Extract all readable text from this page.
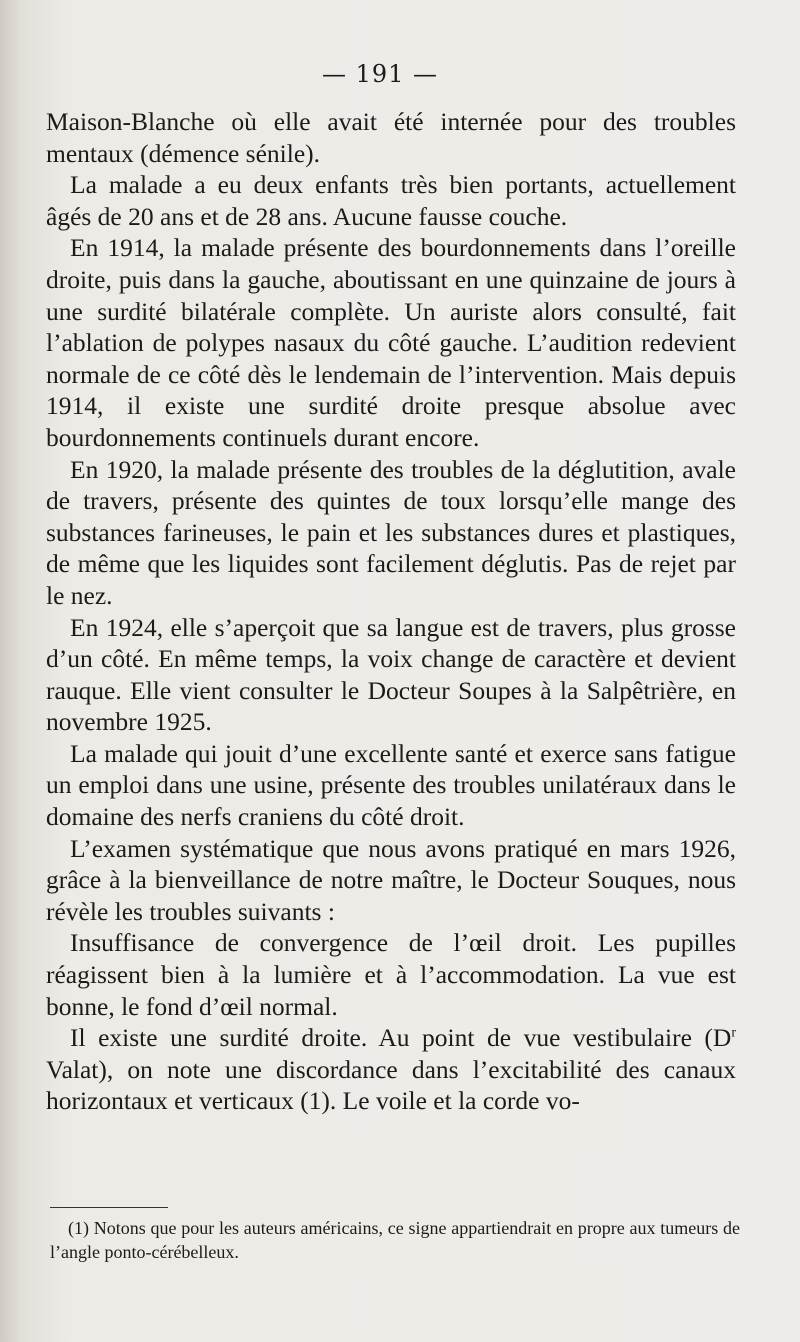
— 191 —

Maison-Blanche où elle avait été internée pour des troubles mentaux (démence sénile).

La malade a eu deux enfants très bien portants, actuellement âgés de 20 ans et de 28 ans. Aucune fausse couche.

En 1914, la malade présente des bourdonnements dans l’oreille droite, puis dans la gauche, aboutissant en une quinzaine de jours à une surdité bilatérale complète. Un auriste alors consulté, fait l’ablation de polypes nasaux du côté gauche. L’audition redevient normale de ce côté dès le lendemain de l’intervention. Mais depuis 1914, il existe une surdité droite presque absolue avec bourdonnements continuels durant encore.

En 1920, la malade présente des troubles de la déglutition, avale de travers, présente des quintes de toux lorsqu’elle mange des substances farineuses, le pain et les substances dures et plastiques, de même que les liquides sont facilement déglutis. Pas de rejet par le nez.

En 1924, elle s’aperçoit que sa langue est de travers, plus grosse d’un côté. En même temps, la voix change de caractère et devient rauque. Elle vient consulter le Docteur Soupes à la Salpêtrière, en novembre 1925.

La malade qui jouit d’une excellente santé et exerce sans fatigue un emploi dans une usine, présente des troubles unilatéraux dans le domaine des nerfs craniens du côté droit.

L’examen systématique que nous avons pratiqué en mars 1926, grâce à la bienveillance de notre maître, le Docteur Souques, nous révèle les troubles suivants :

Insuffisance de convergence de l’œil droit. Les pupilles réagissent bien à la lumière et à l’accommodation. La vue est bonne, le fond d’œil normal.

Il existe une surdité droite. Au point de vue vestibulaire ($D^r$ Valat), on note une discordance dans l’excitabilité des canaux horizontaux et verticaux (1). Le voile et la corde vo-

(1) Notons que pour les auteurs américains, ce signe appartiendrait en propre aux tumeurs de l’angle ponto-cérébelleux.
